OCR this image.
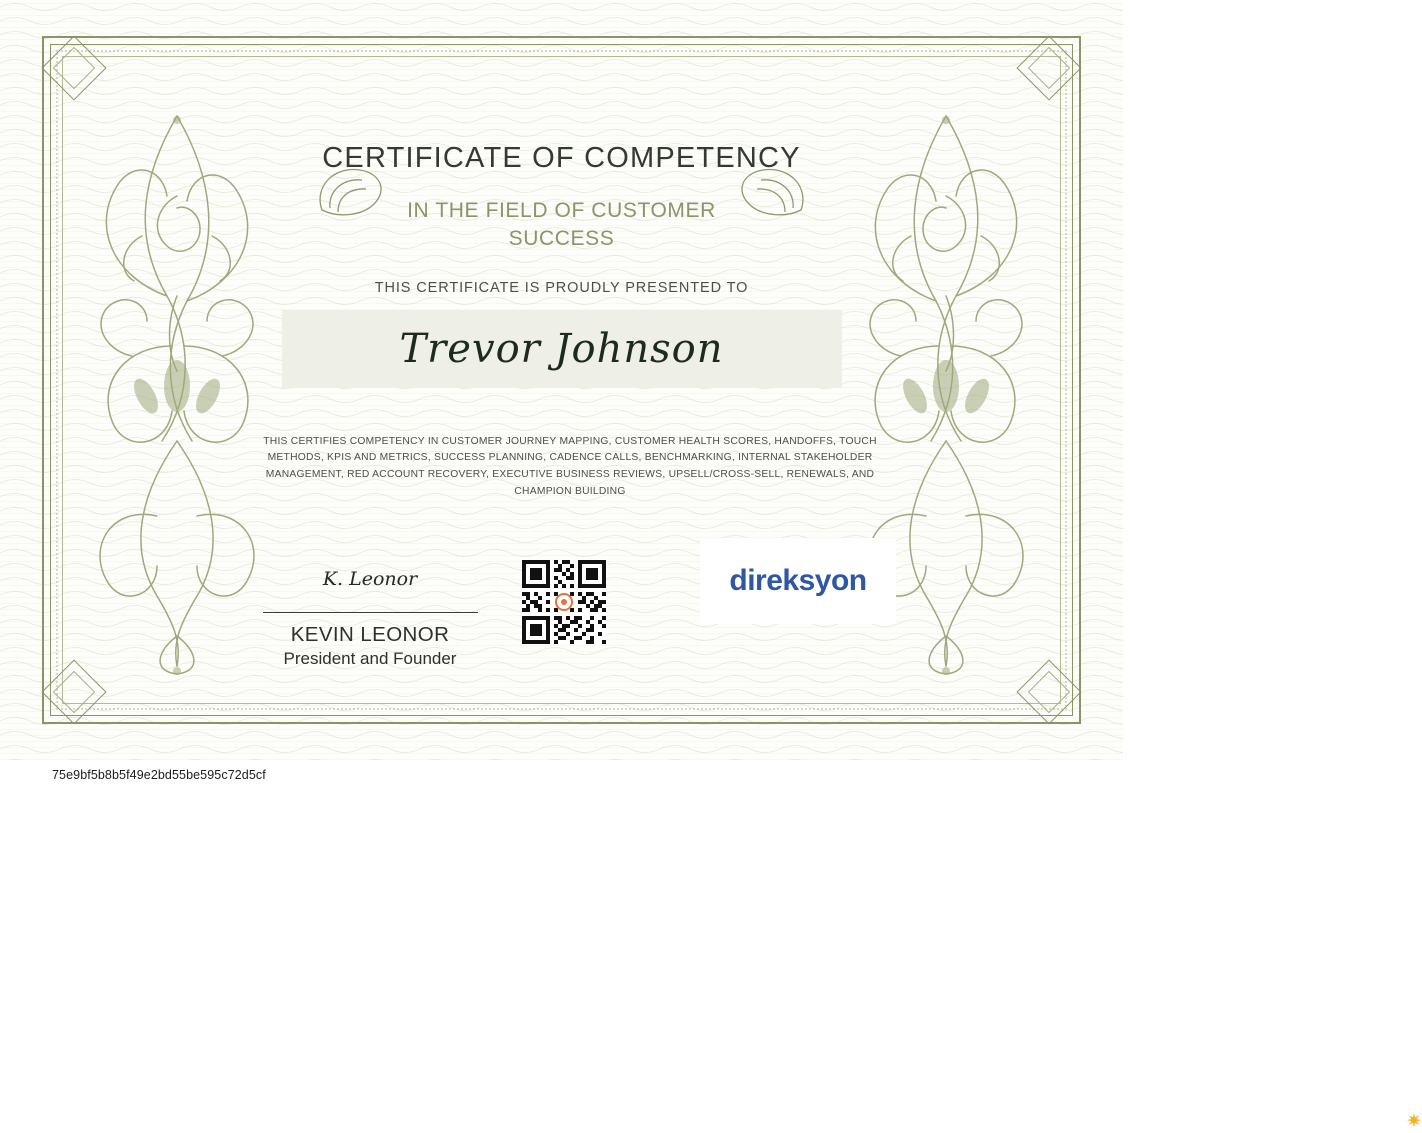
CERTIFICATE OF COMPETENCY
IN THE FIELD OF CUSTOMER SUCCESS
THIS CERTIFICATE IS PROUDLY PRESENTED TO
Trevor Johnson
THIS CERTIFIES COMPETENCY IN CUSTOMER JOURNEY MAPPING, CUSTOMER HEALTH SCORES, HANDOFFS, TOUCH METHODS, KPIS AND METRICS, SUCCESS PLANNING, CADENCE CALLS, BENCHMARKING, INTERNAL STAKEHOLDER MANAGEMENT, RED ACCOUNT RECOVERY, EXECUTIVE BUSINESS REVIEWS, UPSELL/CROSS-SELL, RENEWALS, AND CHAMPION BUILDING
K. Leonor
KEVIN LEONOR
President and Founder
direksyon
✷
75e9bf5b8b5f49e2bd55be595c72d5cf
